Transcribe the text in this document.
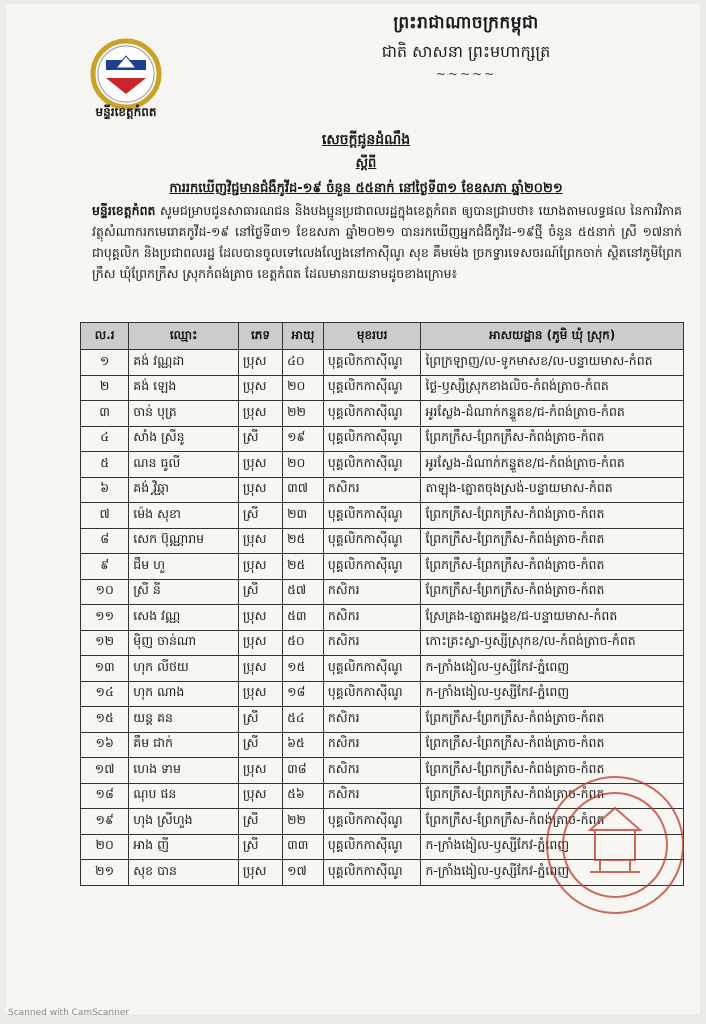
ព្រះរាជាណាចក្រកម្ពុជា
ជាតិ សាសនា ព្រះមហាក្សត្រ
~~~~~
មន្ទីរខេត្តកំពត
សេចក្តីជូនដំណឹង
ស្តីពី
ការរកឃើញវិជ្ជមានជំងឺកូវីដ-១៩ ចំនួន ៥៥នាក់ នៅថ្ងៃទី៣១ ខែឧសភា ឆ្នាំ២០២១
មន្ទីរខេត្តកំពត សូមជម្រាបជូនសាធារណជន និងបងប្អូនប្រជាពលរដ្ឋក្នុងខេត្តកំពត ឲ្យបានជ្រាបថា៖ យោងតាមលទ្ធផល នៃការវិភាគវត្ថុសំណាករកមេរោគកូវីដ-១៩ នៅថ្ងៃទី៣១ ខែឧសភា ឆ្នាំ២០២១ បានរកឃើញអ្នកជំងឺកូវីដ-១៩ថ្មី ចំនួន ៥៥នាក់ ស្រី ១៧នាក់ ជាបុគ្គលិក និងប្រជាពលរដ្ឋ ដែលបានចូលទៅលេងល្បែងនៅកាស៊ីណូ សុខ គឹមម៉េង ច្រកទ្វារទេសចរណ៍ព្រែកចាក់ ស្ថិតនៅភូមិព្រែកក្រឹស ឃុំព្រែកក្រឹស ស្រុកកំពង់ត្រាច ខេត្តកំពត ដែលមានរាយនាមដូចខាងក្រោម៖
ល.រ	ឈ្មោះ	ភេទ	អាយុ	មុខរបរ	អាសយដ្ឋាន (ភូមិ ឃុំ ស្រុក)
១	គង់ វណ្ណដា	ប្រុស	៤០	បុគ្គលិកកាស៊ីណូ	ព្រៃក្រឡាញ/ល-ទូកមាសខ/ល-បន្ទាយមាស-កំពត
២	គង់ ឡេង	ប្រុស	២០	បុគ្គលិកកាស៊ីណូ	ថ្ងៃ-ឫស្សីស្រុកខាងលិច-កំពង់ត្រាច-កំពត
៣	ចាន់ បុត្រ	ប្រុស	២២	បុគ្គលិកកាស៊ីណូ	អូរស្លែង-ដំណាក់កន្ទួតខ/ជ-កំពង់ត្រាច-កំពត
៤	សាំង ស្រីនូ	ស្រី	១៩	បុគ្គលិកកាស៊ីណូ	ព្រែកក្រឹស-ព្រែកក្រឹស-កំពង់ត្រាច-កំពត
៥	ណន ធូលី	ប្រុស	២០	បុគ្គលិកកាស៊ីណូ	អូរស្លែង-ដំណាក់កន្ទួតខ/ជ-កំពង់ត្រាច-កំពត
៦	គង់ វិឆ្ណា	ប្រុស	៣៧	កសិករ	តាឡុង-ត្នោតចុងស្រង់-បន្ទាយមាស-កំពត
៧	ម៉េង សុខា	ស្រី	២៣	បុគ្គលិកកាស៊ីណូ	ព្រែកក្រឹស-ព្រែកក្រឹស-កំពង់ត្រាច-កំពត
៨	សេក ប៊ុណ្ណារាម	ប្រុស	២៥	បុគ្គលិកកាស៊ីណូ	ព្រែកក្រឹស-ព្រែកក្រឹស-កំពង់ត្រាច-កំពត
៩	ជឹម ហួ	ប្រុស	២៥	បុគ្គលិកកាស៊ីណូ	ព្រែកក្រឹស-ព្រែកក្រឹស-កំពង់ត្រាច-កំពត
១០	ស្រី នី	ស្រី	៥៧	កសិករ	ព្រែកក្រឹស-ព្រែកក្រឹស-កំពង់ត្រាច-កំពត
១១	សេង វណ្ណ	ប្រុស	៥៣	កសិករ	ស្រែគ្រង-ត្នោតអង្គខ/ជ-បន្ទាយមាស-កំពត
១២	ម៉ិញ ចាន់ណា	ប្រុស	៥០	កសិករ	កោះគ្រះស្វា-ឫស្សីស្រុកខ/ល-កំពង់ត្រាច-កំពត
១៣	ហុក លីថយ	ប្រុស	១៥	បុគ្គលិកកាស៊ីណូ	ក-ក្រាំងងៀល-ឫស្សីកែវ-ភ្នំពេញ
១៤	ហុក ណាង	ប្រុស	១៨	បុគ្គលិកកាស៊ីណូ	ក-ក្រាំងងៀល-ឫស្សីកែវ-ភ្នំពេញ
១៥	យន្ត គន	ស្រី	៥៤	កសិករ	ព្រែកក្រឹស-ព្រែកក្រឹស-កំពង់ត្រាច-កំពត
១៦	គឹម ជាក់	ស្រី	៦៥	កសិករ	ព្រែកក្រឹស-ព្រែកក្រឹស-កំពង់ត្រាច-កំពត
១៧	ហេង ទាម	ប្រុស	៣៨	កសិករ	ព្រែកក្រឹស-ព្រែកក្រឹស-កំពង់ត្រាច-កំពត
១៨	ណុប ផន	ប្រុស	៥៦	កសិករ	ព្រែកក្រឹស-ព្រែកក្រឹស-កំពង់ត្រាច-កំពត
១៩	ហុង ស្រីហួង	ស្រី	២២	បុគ្គលិកកាស៊ីណូ	ព្រែកក្រឹស-ព្រែកក្រឹស-កំពង់ត្រាច-កំពត
២០	អាង ញី	ស្រី	៣៣	បុគ្គលិកកាស៊ីណូ	ក-ក្រាំងងៀល-ឫស្សីកែវ-ភ្នំពេញ
២១	សុខ បាន	ប្រុស	១៧	បុគ្គលិកកាស៊ីណូ	ក-ក្រាំងងៀល-ឫស្សីកែវ-ភ្នំពេញ
Scanned with CamScanner
